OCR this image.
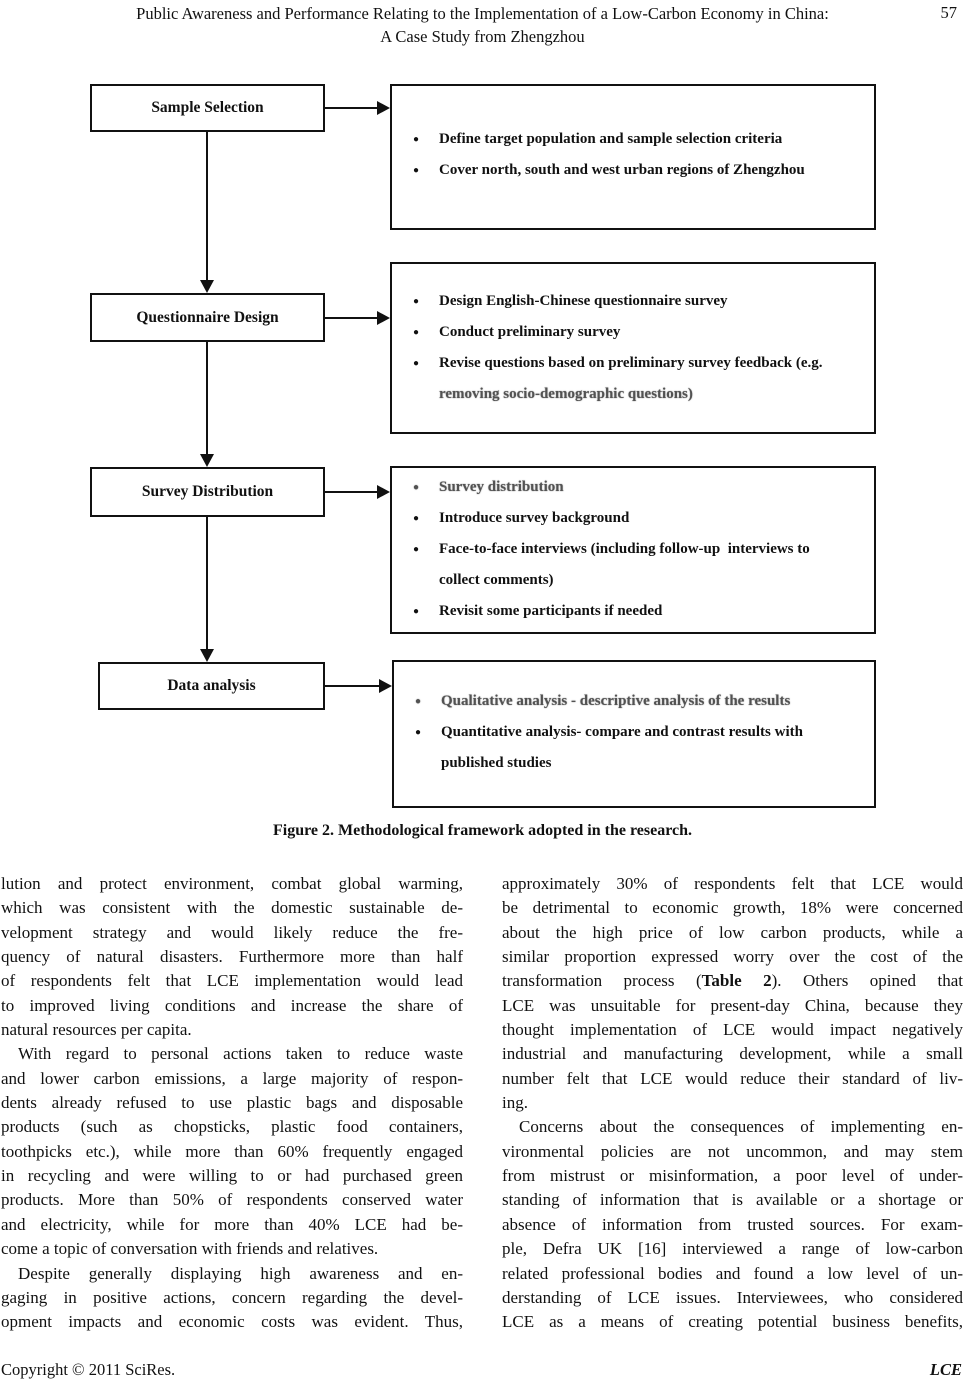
Public Awareness and Performance Relating to the Implementation of a Low-Carbon Economy in China:
A Case Study from Zhengzhou
57
Sample Selection
● Define target population and sample selection criteria
● Cover north, south and west urban regions of Zhengzhou
Questionnaire Design
● Design English-Chinese questionnaire survey
● Conduct preliminary survey
● Revise questions based on preliminary survey feedback (e.g.
removing socio-demographic questions)
Survey Distribution	● Survey distribution
● Introduce survey background
● Face-to-face interviews (including follow-up  interviews to
collect comments)
● Revisit some participants if needed
Data analysis
● Qualitative analysis - descriptive analysis of the results
● Quantitative analysis- compare and contrast results with
published studies
Figure 2. Methodological framework adopted in the research.
lution and protect environment, combat global warming,
which was consistent with the domestic sustainable de-
velopment strategy and would likely reduce the fre-
quency of natural disasters. Furthermore more than half
of respondents felt that LCE implementation would lead
to improved living conditions and increase the share of
natural resources per capita.
With regard to personal actions taken to reduce waste
and lower carbon emissions, a large majority of respon-
dents already refused to use plastic bags and disposable
products (such as chopsticks, plastic food containers,
toothpicks etc.), while more than 60% frequently engaged
in recycling and were willing to or had purchased green
products. More than 50% of respondents conserved water
and electricity, while for more than 40% LCE had be-
come a topic of conversation with friends and relatives.
Despite generally displaying high awareness and en-
gaging in positive actions, concern regarding the devel-
opment impacts and economic costs was evident. Thus,
approximately 30% of respondents felt that LCE would
be detrimental to economic growth, 18% were concerned
about the high price of low carbon products, while a
similar proportion expressed worry over the cost of the
transformation process (Table 2). Others opined that
LCE was unsuitable for present-day China, because they
thought implementation of LCE would impact negatively
industrial and manufacturing development, while a small
number felt that LCE would reduce their standard of liv-
ing.
Concerns about the consequences of implementing en-
vironmental policies are not uncommon, and may stem
from mistrust or misinformation, a poor level of under-
standing of information that is available or a shortage or
absence of information from trusted sources. For exam-
ple, Defra UK [16] interviewed a range of low-carbon
related professional bodies and found a low level of un-
derstanding of LCE issues. Interviewees, who considered
LCE as a means of creating potential business benefits,
Copyright © 2011 SciRes.	LCE
